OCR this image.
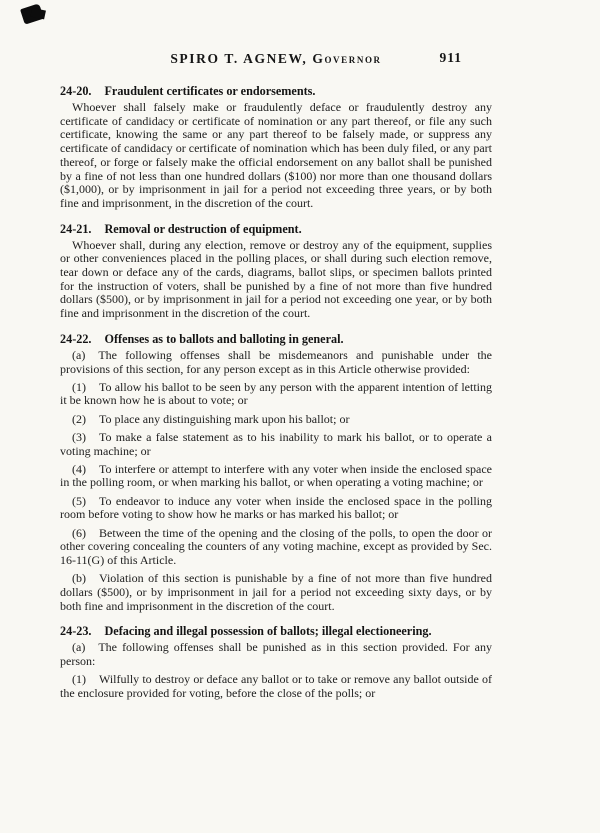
SPIRO T. AGNEW, Governor	911
24-20. Fraudulent certificates or endorsements.

Whoever shall falsely make or fraudulently deface or fraudulently destroy any certificate of candidacy or certificate of nomination or any part thereof, or file any such certificate, knowing the same or any part thereof to be falsely made, or suppress any certificate of candidacy or certificate of nomination which has been duly filed, or any part thereof, or forge or falsely make the official endorsement on any ballot shall be punished by a fine of not less than one hundred dollars ($100) nor more than one thousand dollars ($1,000), or by imprisonment in jail for a period not exceeding three years, or by both fine and imprisonment, in the discretion of the court.

24-21. Removal or destruction of equipment.

Whoever shall, during any election, remove or destroy any of the equipment, supplies or other conveniences placed in the polling places, or shall during such election remove, tear down or deface any of the cards, diagrams, ballot slips, or specimen ballots printed for the instruction of voters, shall be punished by a fine of not more than five hundred dollars ($500), or by imprisonment in jail for a period not exceeding one year, or by both fine and imprisonment in the discretion of the court.

24-22. Offenses as to ballots and balloting in general.

(a) The following offenses shall be misdemeanors and punishable under the provisions of this section, for any person except as in this Article otherwise provided:

(1) To allow his ballot to be seen by any person with the apparent intention of letting it be known how he is about to vote; or

(2) To place any distinguishing mark upon his ballot; or

(3) To make a false statement as to his inability to mark his ballot, or to operate a voting machine; or

(4) To interfere or attempt to interfere with any voter when inside the enclosed space in the polling room, or when marking his ballot, or when operating a voting machine; or

(5) To endeavor to induce any voter when inside the enclosed space in the polling room before voting to show how he marks or has marked his ballot; or

(6) Between the time of the opening and the closing of the polls, to open the door or other covering concealing the counters of any voting machine, except as provided by Sec. 16-11(G) of this Article.

(b) Violation of this section is punishable by a fine of not more than five hundred dollars ($500), or by imprisonment in jail for a period not exceeding sixty days, or by both fine and imprisonment in the discretion of the court.

24-23. Defacing and illegal possession of ballots; illegal electioneering.

(a) The following offenses shall be punished as in this section provided. For any person:

(1) Wilfully to destroy or deface any ballot or to take or remove any ballot outside of the enclosure provided for voting, before the close of the polls; or
